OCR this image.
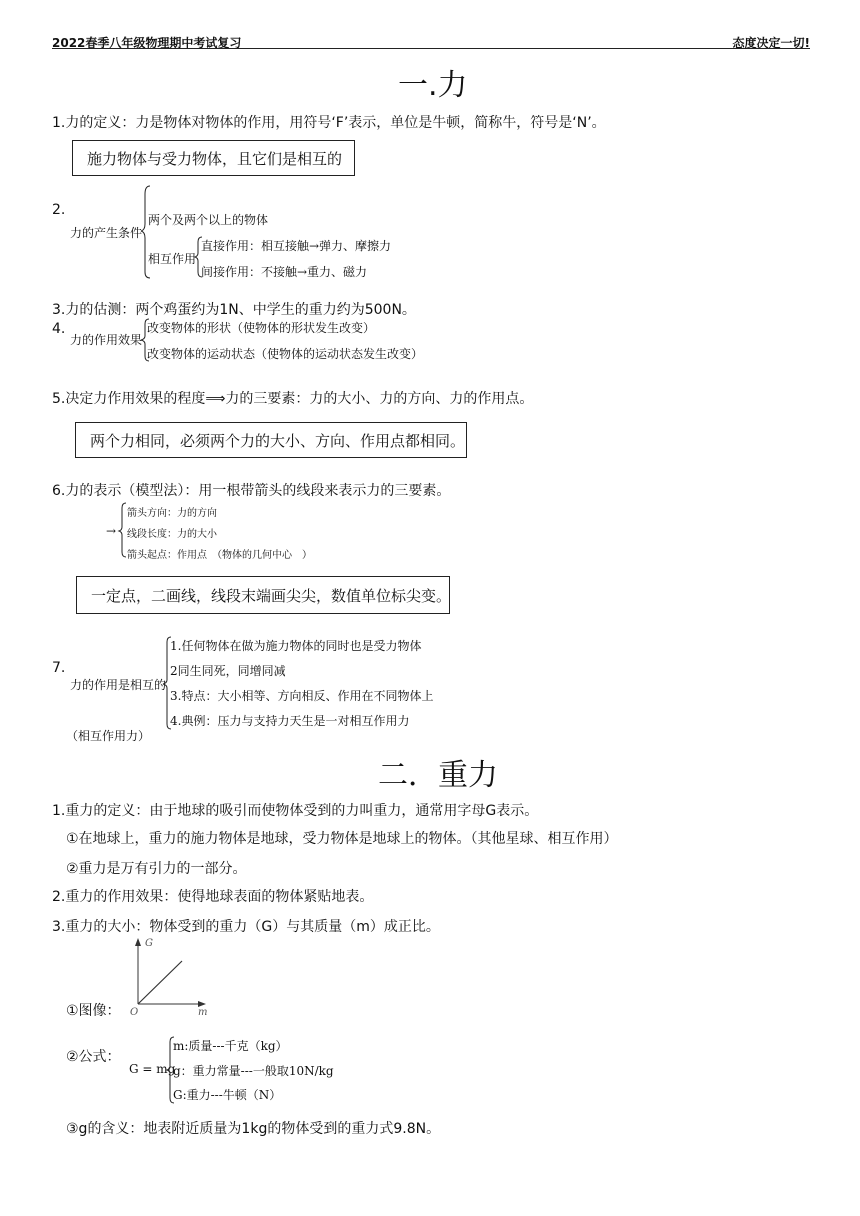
2022春季八年级物理期中考试复习	态度决定一切!
一.力
1.力的定义：力是物体对物体的作用，用符号‘F’表示，单位是牛顿，简称牛，符号是‘N’。
施力物体与受力物体，且它们是相互的
2.
力的产生条件
两个及两个以上的物体
相互作用
直接作用：相互接触→弹力、摩擦力
间接作用：不接触→重力、磁力
3.力的估测：两个鸡蛋约为1N、中学生的重力约为500N。
4.
力的作用效果
改变物体的形状（使物体的形状发生改变）
改变物体的运动状态（使物体的运动状态发生改变）
5.决定力作用效果的程度⟹力的三要素：力的大小、力的方向、力的作用点。
两个力相同，必须两个力的大小、方向、作用点都相同。
6.力的表示（模型法）：用一根带箭头的线段来表示力的三要素。
→
箭头方向：力的方向
线段长度：力的大小
箭头起点：作用点　（物体的几何中心　）
一定点，二画线，线段末端画尖尖，数值单位标尖变。
7.
力的作用是相互的
1.任何物体在做为施力物体的同时也是受力物体
2同生同死，同增同减
3.特点：大小相等、方向相反、作用在不同物体上
4.典例：压力与支持力天生是一对相互作用力
（相互作用力）
二．重力
1.重力的定义：由于地球的吸引而使物体受到的力叫重力，通常用字母G表示。
①在地球上，重力的施力物体是地球，受力物体是地球上的物体。（其他星球、相互作用）
②重力是万有引力的一部分。
2.重力的作用效果：使得地球表面的物体紧贴地表。
3.重力的大小：物体受到的重力（G）与其质量（m）成正比。
①图像：
G
m
O
②公式：
G = mg
m:质量---千克（kg）
g：重力常量---一般取10N/kg
G:重力---牛顿（N）
③g的含义：地表附近质量为1kg的物体受到的重力式9.8N。
